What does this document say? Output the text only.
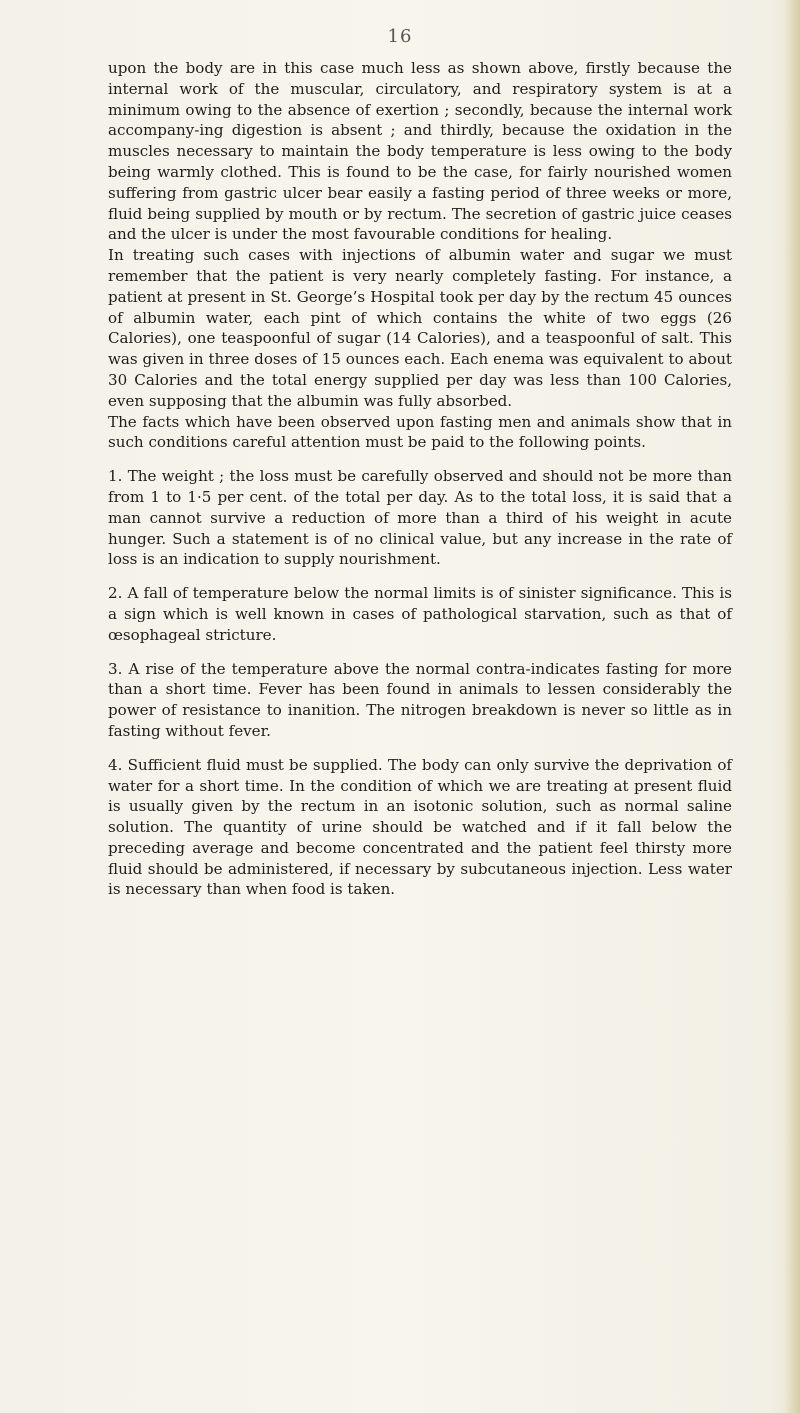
16

upon the body are in this case much less as shown above, firstly because the internal work of the muscular, circulatory, and respiratory system is at a minimum owing to the absence of exertion ; secondly, because the internal work accompany-ing digestion is absent ; and thirdly, because the oxidation in the muscles necessary to maintain the body temperature is less owing to the body being warmly clothed. This is found to be the case, for fairly nourished women suffering from gastric ulcer bear easily a fasting period of three weeks or more, fluid being supplied by mouth or by rectum. The secretion of gastric juice ceases and the ulcer is under the most favourable conditions for healing.

In treating such cases with injections of albumin water and sugar we must remember that the patient is very nearly completely fasting. For instance, a patient at present in St. George’s Hospital took per day by the rectum 45 ounces of albumin water, each pint of which contains the white of two eggs (26 Calories), one teaspoonful of sugar (14 Calories), and a teaspoonful of salt. This was given in three doses of 15 ounces each. Each enema was equivalent to about 30 Calories and the total energy supplied per day was less than 100 Calories, even supposing that the albumin was fully absorbed.

The facts which have been observed upon fasting men and animals show that in such conditions careful attention must be paid to the following points.

1. The weight ; the loss must be carefully observed and should not be more than from 1 to 1·5 per cent. of the total per day. As to the total loss, it is said that a man cannot survive a reduction of more than a third of his weight in acute hunger. Such a statement is of no clinical value, but any increase in the rate of loss is an indication to supply nourishment.

2. A fall of temperature below the normal limits is of sinister significance. This is a sign which is well known in cases of pathological starvation, such as that of œsophageal stricture.

3. A rise of the temperature above the normal contra-indicates fasting for more than a short time. Fever has been found in animals to lessen considerably the power of resistance to inanition. The nitrogen breakdown is never so little as in fasting without fever.

4. Sufficient fluid must be supplied. The body can only survive the deprivation of water for a short time. In the condition of which we are treating at present fluid is usually given by the rectum in an isotonic solution, such as normal saline solution. The quantity of urine should be watched and if it fall below the preceding average and become concentrated and the patient feel thirsty more fluid should be administered, if necessary by subcutaneous injection. Less water is necessary than when food is taken.
